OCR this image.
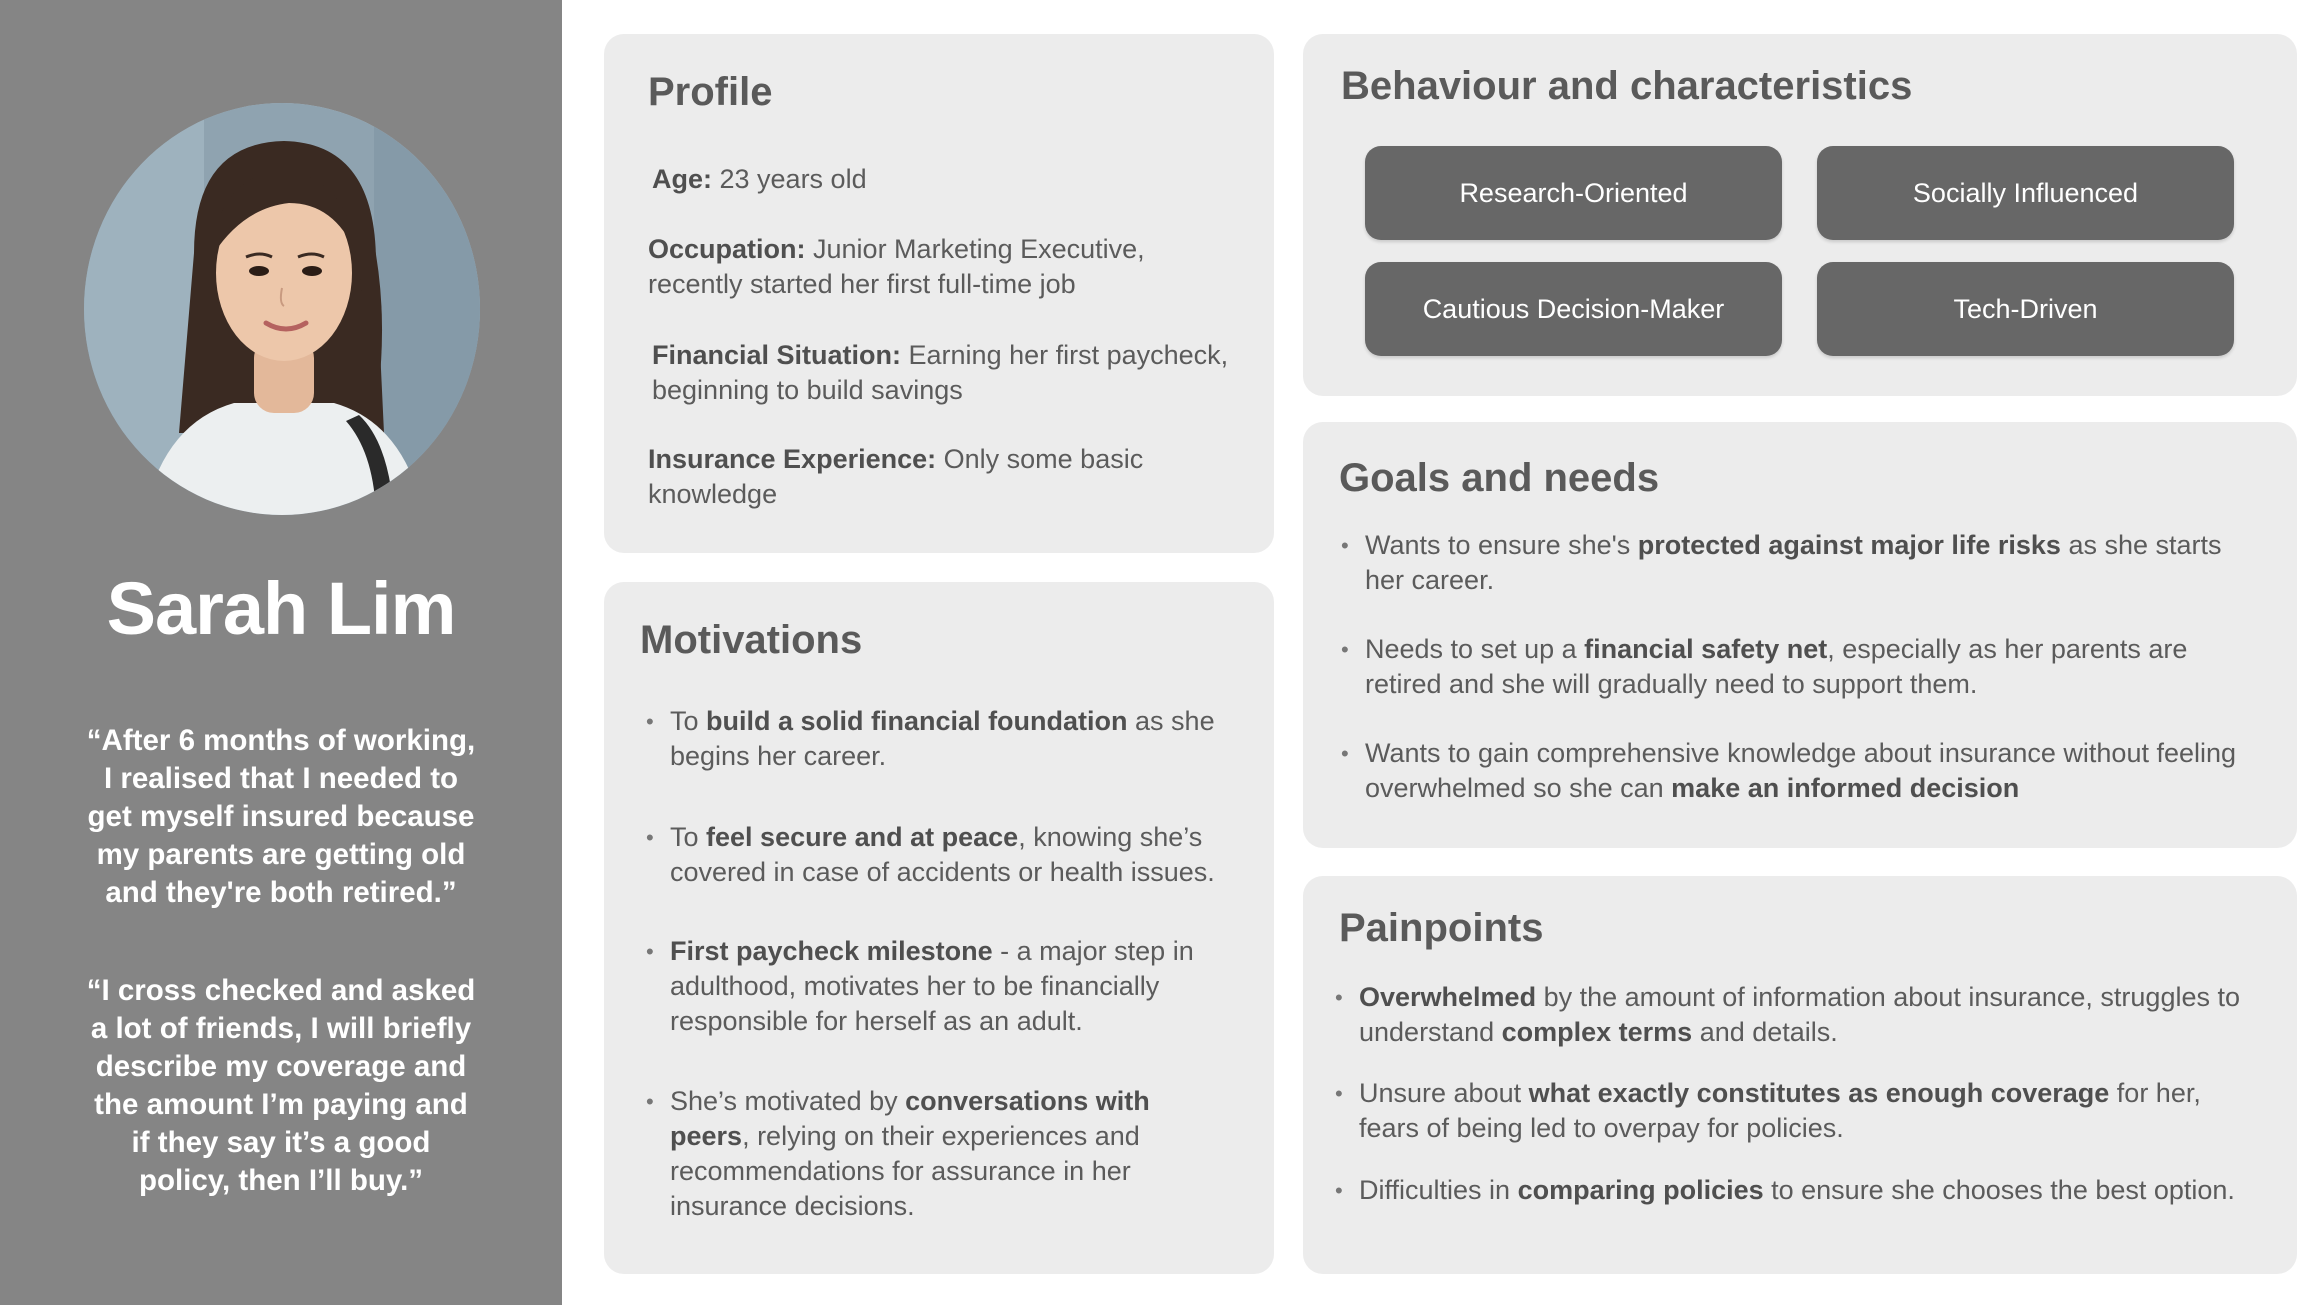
Sarah Lim
“After 6 months of working,
I realised that I needed to
get myself insured because
my parents are getting old
and they're both retired.”
“I cross checked and asked
a lot of friends, I will briefly
describe my coverage and
the amount I’m paying and
if they say it’s a good
policy, then I’ll buy.”
Profile

Age: 23 years old

Occupation: Junior Marketing Executive,
recently started her first full-time job

Financial Situation: Earning her first paycheck,
beginning to build savings

Insurance Experience: Only some basic
knowledge

Motivations
• To build a solid financial foundation as she
begins her career.
• To feel secure and at peace, knowing she’s
covered in case of accidents or health issues.
• First paycheck milestone - a major step in
adulthood, motivates her to be financially
responsible for herself as an adult.
• She’s motivated by conversations with
peers, relying on their experiences and
recommendations for assurance in her
insurance decisions.
Behaviour and characteristics
Research-Oriented	Socially Influenced
Cautious Decision-Maker	Tech-Driven
Goals and needs
• Wants to ensure she's protected against major life risks as she starts
her career.
• Needs to set up a financial safety net, especially as her parents are
retired and she will gradually need to support them.
• Wants to gain comprehensive knowledge about insurance without feeling
overwhelmed so she can make an informed decision
Painpoints
• Overwhelmed by the amount of information about insurance, struggles to
understand complex terms and details.
• Unsure about what exactly constitutes as enough coverage for her,
fears of being led to overpay for policies.
• Difficulties in comparing policies to ensure she chooses the best option.
